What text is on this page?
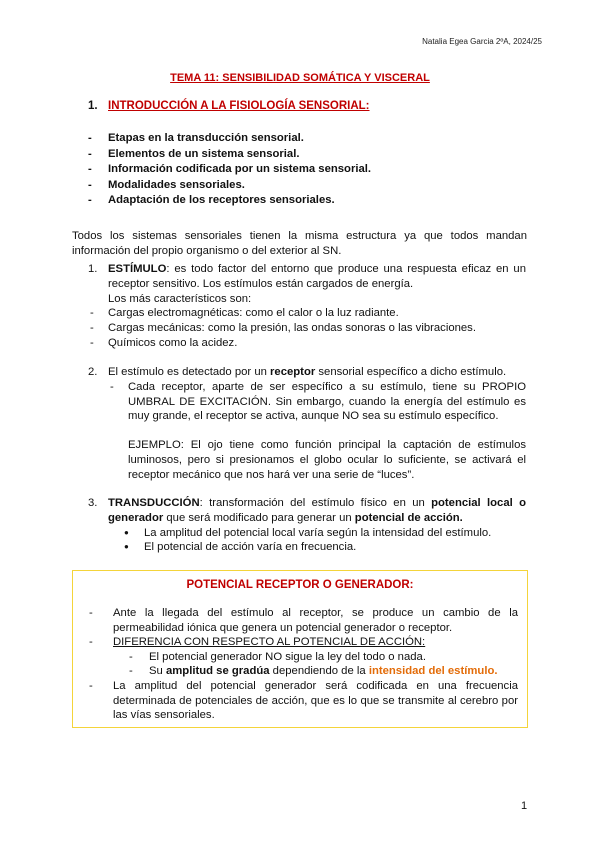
Natalia Egea Garcia 2ºA, 2024/25
TEMA 11: SENSIBILIDAD SOMÁTICA Y VISCERAL
1. INTRODUCCIÓN A LA FISIOLOGÍA SENSORIAL:
- Etapas en la transducción sensorial.
- Elementos de un sistema sensorial.
- Información codificada por un sistema sensorial.
- Modalidades sensoriales.
- Adaptación de los receptores sensoriales.

Todos los sistemas sensoriales tienen la misma estructura ya que todos mandan información del propio organismo o del exterior al SN.

1. ESTÍMULO: es todo factor del entorno que produce una respuesta eficaz en un receptor sensitivo. Los estímulos están cargados de energía.

Los más característicos son:

- Cargas electromagnéticas: como el calor o la luz radiante.
- Cargas mecánicas: como la presión, las ondas sonoras o las vibraciones.
- Químicos como la acidez.
2. El estímulo es detectado por un receptor sensorial específico a dicho estímulo.

- Cada receptor, aparte de ser específico a su estímulo, tiene su PROPIO UMBRAL DE EXCITACIÓN. Sin embargo, cuando la energía del estímulo es muy grande, el receptor se activa, aunque NO sea su estímulo específico.
EJEMPLO: El ojo tiene como función principal la captación de estímulos luminosos, pero si presionamos el globo ocular lo suficiente, se activará el receptor mecánico que nos hará ver una serie de “luces”.
3. TRANSDUCCIÓN: transformación del estímulo físico en un potencial local o generador que será modificado para generar un potencial de acción.

● La amplitud del potencial local varía según la intensidad del estímulo.
● El potencial de acción varía en frecuencia.
POTENCIAL RECEPTOR O GENERADOR:
- Ante la llegada del estímulo al receptor, se produce un cambio de la permeabilidad iónica que genera un potencial generador o receptor.
- DIFERENCIA CON RESPECTO AL POTENCIAL DE ACCIÓN:
- El potencial generador NO sigue la ley del todo o nada.
- Su amplitud se gradúa dependiendo de la intensidad del estímulo.
- La amplitud del potencial generador será codificada en una frecuencia determinada de potenciales de acción, que es lo que se transmite al cerebro por las vías sensoriales.
1
